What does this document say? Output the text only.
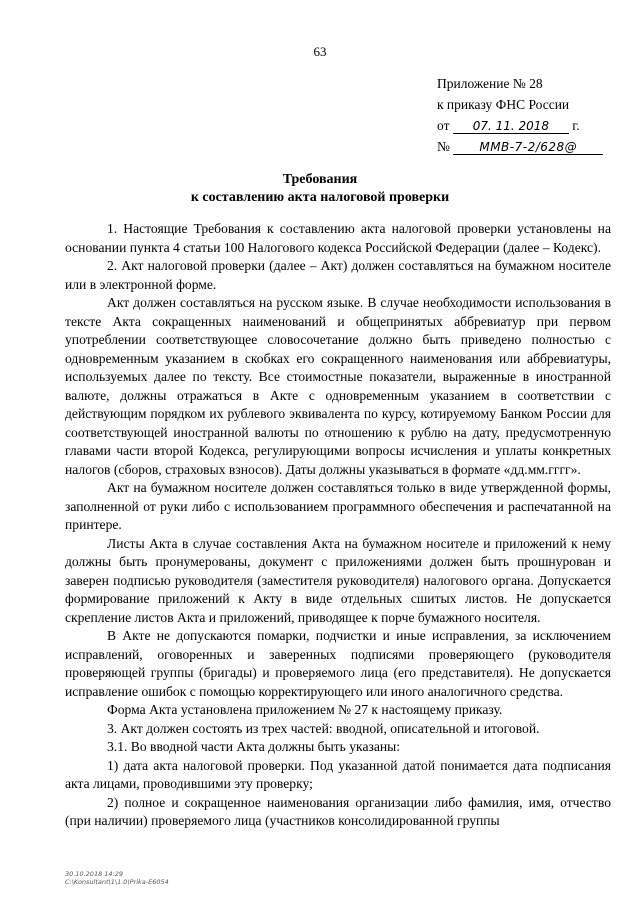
63
Приложение № 28
к приказу ФНС России
от 07. 11. 2018 г.
№ ММВ-7-2/628@
Требования
к составлению акта налоговой проверки

1. Настоящие Требования к составлению акта налоговой проверки установлены на основании пункта 4 статьи 100 Налогового кодекса Российской Федерации (далее – Кодекс).

2. Акт налоговой проверки (далее – Акт) должен составляться на бумажном носителе или в электронной форме.

Акт должен составляться на русском языке. В случае необходимости использования в тексте Акта сокращенных наименований и общепринятых аббревиатур при первом употреблении соответствующее словосочетание должно быть приведено полностью с одновременным указанием в скобках его сокращенного наименования или аббревиатуры, используемых далее по тексту. Все стоимостные показатели, выраженные в иностранной валюте, должны отражаться в Акте с одновременным указанием в соответствии с действующим порядком их рублевого эквивалента по курсу, котируемому Банком России для соответствующей иностранной валюты по отношению к рублю на дату, предусмотренную главами части второй Кодекса, регулирующими вопросы исчисления и уплаты конкретных налогов (сборов, страховых взносов). Даты должны указываться в формате «дд.мм.гггг».

Акт на бумажном носителе должен составляться только в виде утвержденной формы, заполненной от руки либо с использованием программного обеспечения и распечатанной на принтере.

Листы Акта в случае составления Акта на бумажном носителе и приложений к нему должны быть пронумерованы, документ с приложениями должен быть прошнурован и заверен подписью руководителя (заместителя руководителя) налогового органа. Допускается формирование приложений к Акту в виде отдельных сшитых листов. Не допускается скрепление листов Акта и приложений, приводящее к порче бумажного носителя.

В Акте не допускаются помарки, подчистки и иные исправления, за исключением исправлений, оговоренных и заверенных подписями проверяющего (руководителя проверяющей группы (бригады) и проверяемого лица (его представителя). Не допускается исправление ошибок с помощью корректирующего или иного аналогичного средства.

Форма Акта установлена приложением № 27 к настоящему приказу.

3. Акт должен состоять из трех частей: вводной, описательной и итоговой.

3.1. Во вводной части Акта должны быть указаны:

1) дата акта налоговой проверки. Под указанной датой понимается дата подписания акта лицами, проводившими эту проверку;

2) полное и сокращенное наименования организации либо фамилия, имя, отчество (при наличии) проверяемого лица (участников консолидированной группы

30.10.2018 14:29
С:\Konsultant\1\1.0\Prika-E6054
